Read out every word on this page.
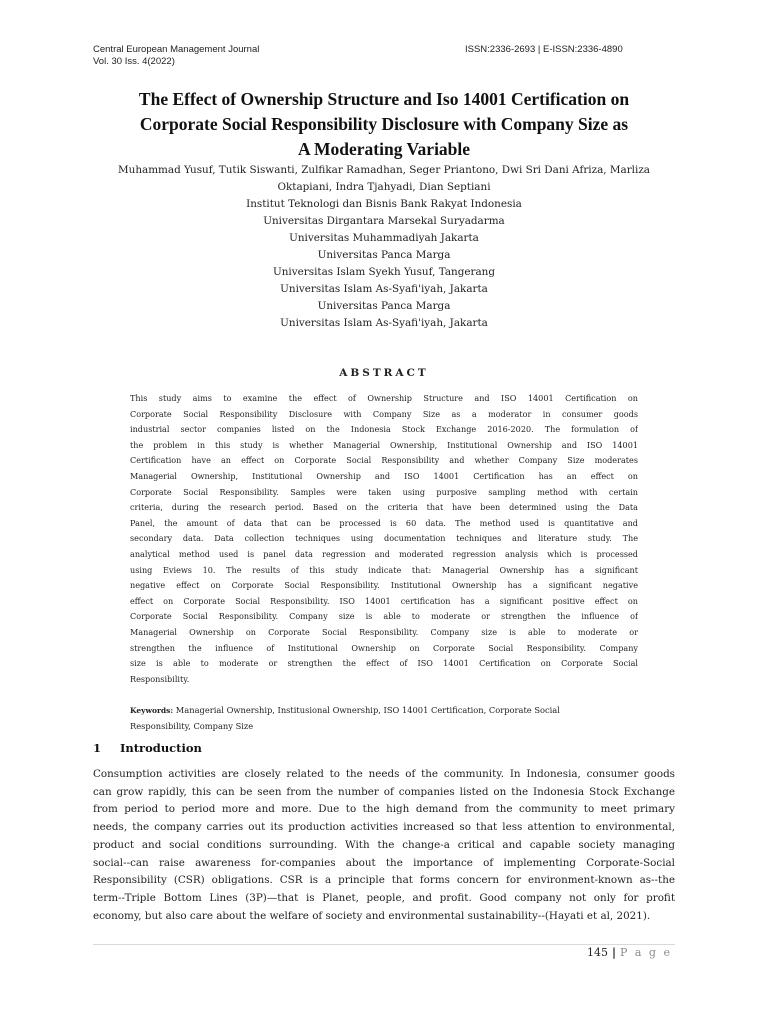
Central European Management Journal
Vol. 30 Iss. 4(2022)
ISSN:2336-2693 | E-ISSN:2336-4890
The Effect of Ownership Structure and Iso 14001 Certification on
Corporate Social Responsibility Disclosure with Company Size as
A Moderating Variable
Muhammad Yusuf, Tutik Siswanti, Zulfikar Ramadhan, Seger Priantono, Dwi Sri Dani Afriza, Marliza
Oktapiani, Indra Tjahyadi, Dian Septiani
Institut Teknologi dan Bisnis Bank Rakyat Indonesia
Universitas Dirgantara Marsekal Suryadarma
Universitas Muhammadiyah Jakarta
Universitas Panca Marga
Universitas Islam Syekh Yusuf, Tangerang
Universitas Islam As-Syafi'iyah, Jakarta
Universitas Panca Marga
Universitas Islam As-Syafi'iyah, Jakarta
ABSTRACT
This study aims to examine the effect of Ownership Structure and ISO 14001 Certification on
Corporate Social Responsibility Disclosure with Company Size as a moderator in consumer goods
industrial sector companies listed on the Indonesia Stock Exchange 2016-2020. The formulation of
the problem in this study is whether Managerial Ownership, Institutional Ownership and ISO 14001
Certification have an effect on Corporate Social Responsibility and whether Company Size moderates
Managerial Ownership, Institutional Ownership and ISO 14001 Certification has an effect on
Corporate Social Responsibility. Samples were taken using purposive sampling method with certain
criteria, during the research period. Based on the criteria that have been determined using the Data
Panel, the amount of data that can be processed is 60 data. The method used is quantitative and
secondary data. Data collection techniques using documentation techniques and literature study. The
analytical method used is panel data regression and moderated regression analysis which is processed
using Eviews 10. The results of this study indicate that: Managerial Ownership has a significant
negative effect on Corporate Social Responsibility. Institutional Ownership has a significant negative
effect on Corporate Social Responsibility. ISO 14001 certification has a significant positive effect on
Corporate Social Responsibility. Company size is able to moderate or strengthen the influence of
Managerial Ownership on Corporate Social Responsibility. Company size is able to moderate or
strengthen the influence of Institutional Ownership on Corporate Social Responsibility. Company
size is able to moderate or strengthen the effect of ISO 14001 Certification on Corporate Social
Responsibility.
Keywords: Managerial Ownership, Institusional Ownership, ISO 14001 Certification, Corporate Social
Responsibility, Company Size
1 Introduction
Consumption activities are closely related to the needs of the community. In Indonesia, consumer goods
can grow rapidly, this can be seen from the number of companies listed on the Indonesia Stock Exchange
from period to period more and more. Due to the high demand from the community to meet primary
needs, the company carries out its production activities increased so that less attention to environmental,
product and social conditions surrounding. With the change-a critical and capable society managing
social--can raise awareness for-companies about the importance of implementing Corporate-Social
Responsibility (CSR) obligations. CSR is a principle that forms concern for environment-known as--the
term--Triple Bottom Lines (3P)—that is Planet, people, and profit. Good company not only for profit
economy, but also care about the welfare of society and environmental sustainability--(Hayati et al, 2021).
145 | P a g e
